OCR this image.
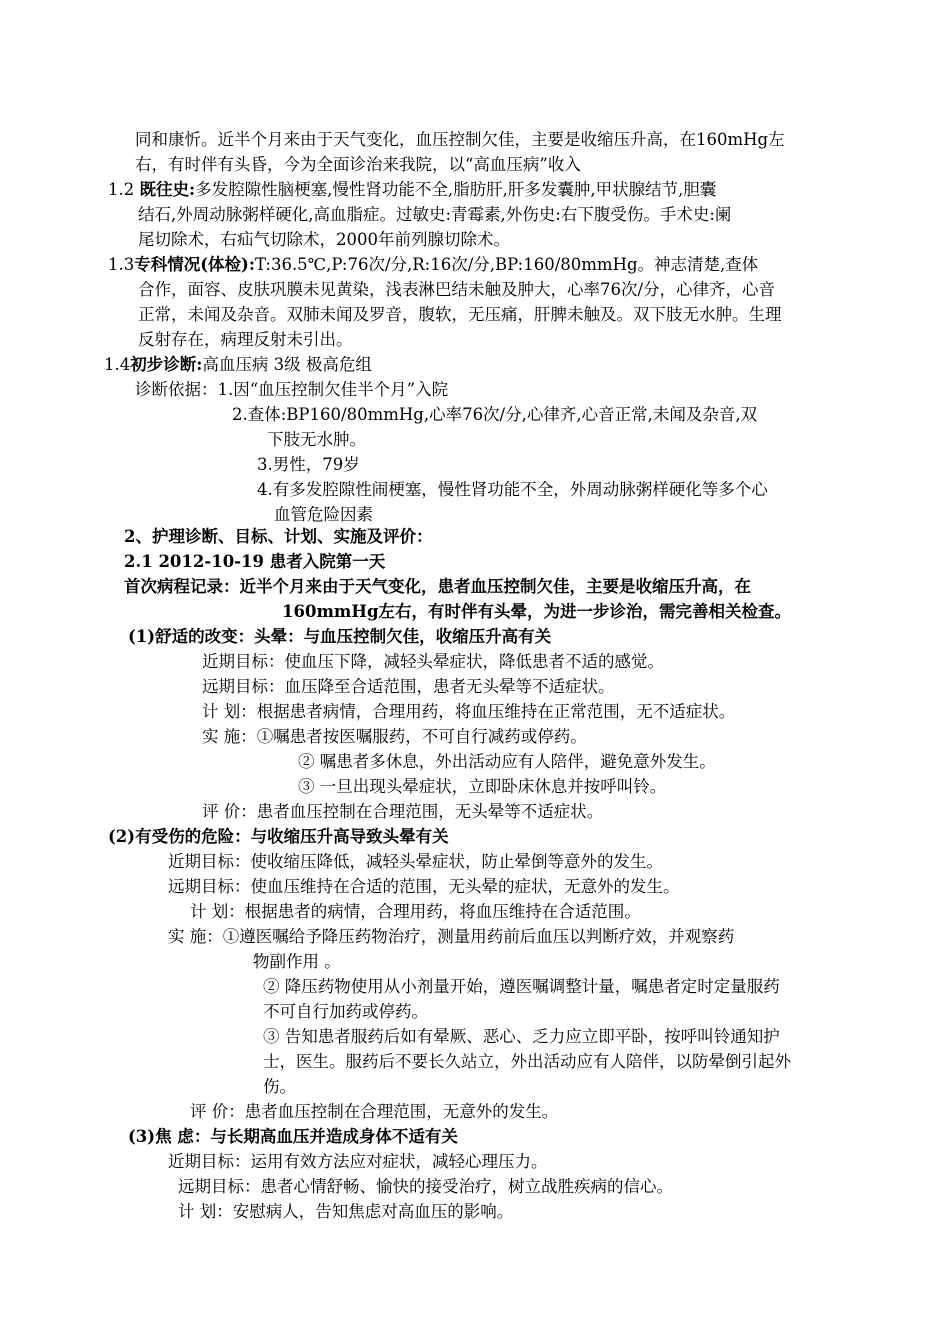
同和康忻。近半个月来由于天气变化，血压控制欠佳，主要是收缩压升高，在160mHg左
右，有时伴有头昏，今为全面诊治来我院，以“高血压病”收入
1.2 既往史:多发腔隙性脑梗塞,慢性肾功能不全,脂肪肝,肝多发囊肿,甲状腺结节,胆囊
结石,外周动脉粥样硬化,高血脂症。过敏史:青霉素,外伤史:右下腹受伤。手术史:阑
尾切除术，右疝气切除术，2000年前列腺切除术。
1.3专科情况(体检):T:36.5℃,P:76次/分,R:16次/分,BP:160/80mmHg。神志清楚,查体
合作，面容、皮肤巩膜未见黄染，浅表淋巴结未触及肿大，心率76次/分，心律齐，心音
正常，未闻及杂音。双肺未闻及罗音，腹软，无压痛，肝脾未触及。双下肢无水肿。生理
反射存在，病理反射未引出。
1.4初步诊断:高血压病 3级 极高危组
诊断依据：1.因“血压控制欠佳半个月”入院
2.查体:BP160/80mmHg,心率76次/分,心律齐,心音正常,未闻及杂音,双
下肢无水肿。
3.男性，79岁
4.有多发腔隙性闹梗塞，慢性肾功能不全，外周动脉粥样硬化等多个心
血管危险因素
2、护理诊断、目标、计划、实施及评价：
2.1 2012-10-19 患者入院第一天
首次病程记录：近半个月来由于天气变化，患者血压控制欠佳，主要是收缩压升高，在
160mmHg左右，有时伴有头晕，为进一步诊治，需完善相关检查。
(1)舒适的改变：头晕：与血压控制欠佳，收缩压升高有关
近期目标：使血压下降，减轻头晕症状，降低患者不适的感觉。
远期目标：血压降至合适范围，患者无头晕等不适症状。
计 划：根据患者病情，合理用药，将血压维持在正常范围，无不适症状。
实 施：①嘱患者按医嘱服药，不可自行减药或停药。
② 嘱患者多休息，外出活动应有人陪伴，避免意外发生。
③ 一旦出现头晕症状，立即卧床休息并按呼叫铃。
评 价：患者血压控制在合理范围，无头晕等不适症状。
(2)有受伤的危险：与收缩压升高导致头晕有关
近期目标：使收缩压降低，减轻头晕症状，防止晕倒等意外的发生。
远期目标：使血压维持在合适的范围，无头晕的症状，无意外的发生。
计 划：根据患者的病情，合理用药，将血压维持在合适范围。
实 施：①遵医嘱给予降压药物治疗，测量用药前后血压以判断疗效，并观察药
物副作用 。
② 降压药物使用从小剂量开始，遵医嘱调整计量，嘱患者定时定量服药
不可自行加药或停药。
③ 告知患者服药后如有晕厥、恶心、乏力应立即平卧，按呼叫铃通知护
士，医生。服药后不要长久站立，外出活动应有人陪伴，以防晕倒引起外
伤。
评 价：患者血压控制在合理范围，无意外的发生。
(3)焦 虑：与长期高血压并造成身体不适有关
近期目标：运用有效方法应对症状，减轻心理压力。
远期目标：患者心情舒畅、愉快的接受治疗，树立战胜疾病的信心。
计 划：安慰病人，告知焦虑对高血压的影响。
